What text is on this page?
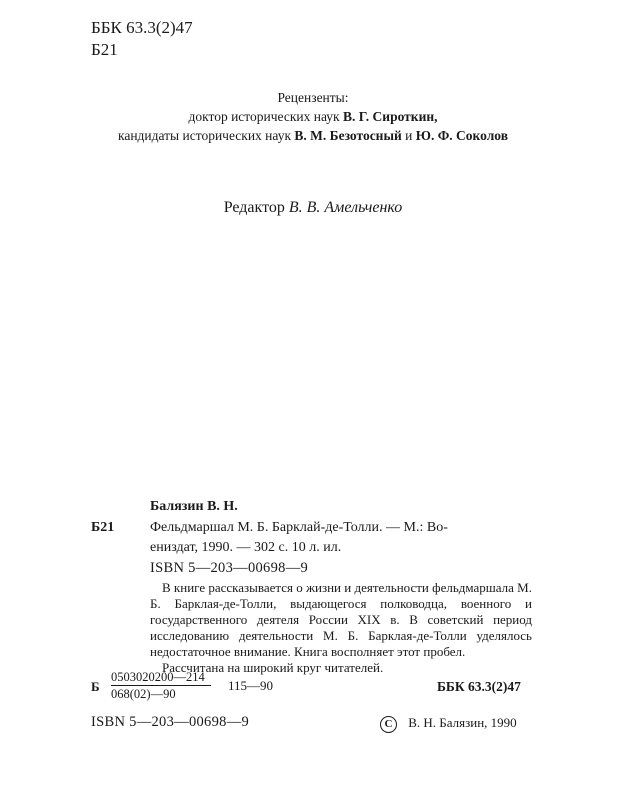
ББК 63.3(2)47
Б21
Рецензенты:
доктор исторических наук В. Г. Сироткин,
кандидаты исторических наук В. М. Безотосный и Ю. Ф. Соколов
Редактор В. В. Амельченко
Балязин В. Н.
Б21	Фельдмаршал М. Б. Барклай-де-Толли. — М.: Во-
ениздат, 1990. — 302 с. 10 л. ил.
ISBN 5—203—00698—9

В книге рассказывается о жизни и деятельности фельдмаршала М. Б. Барклая-де-Толли, выдающегося полководца, военного и государственного деятеля России XIX в. В советский период исследованию деятельности М. Б. Барклая-де-Толли уделялось недостаточное внимание. Книга восполняет этот пробел.

Рассчитана на широкий круг читателей.

Б
0503020200—214
068(02)—90
115—90	ББК 63.3(2)47
ISBN 5—203—00698—9	C В. Н. Балязин, 1990
